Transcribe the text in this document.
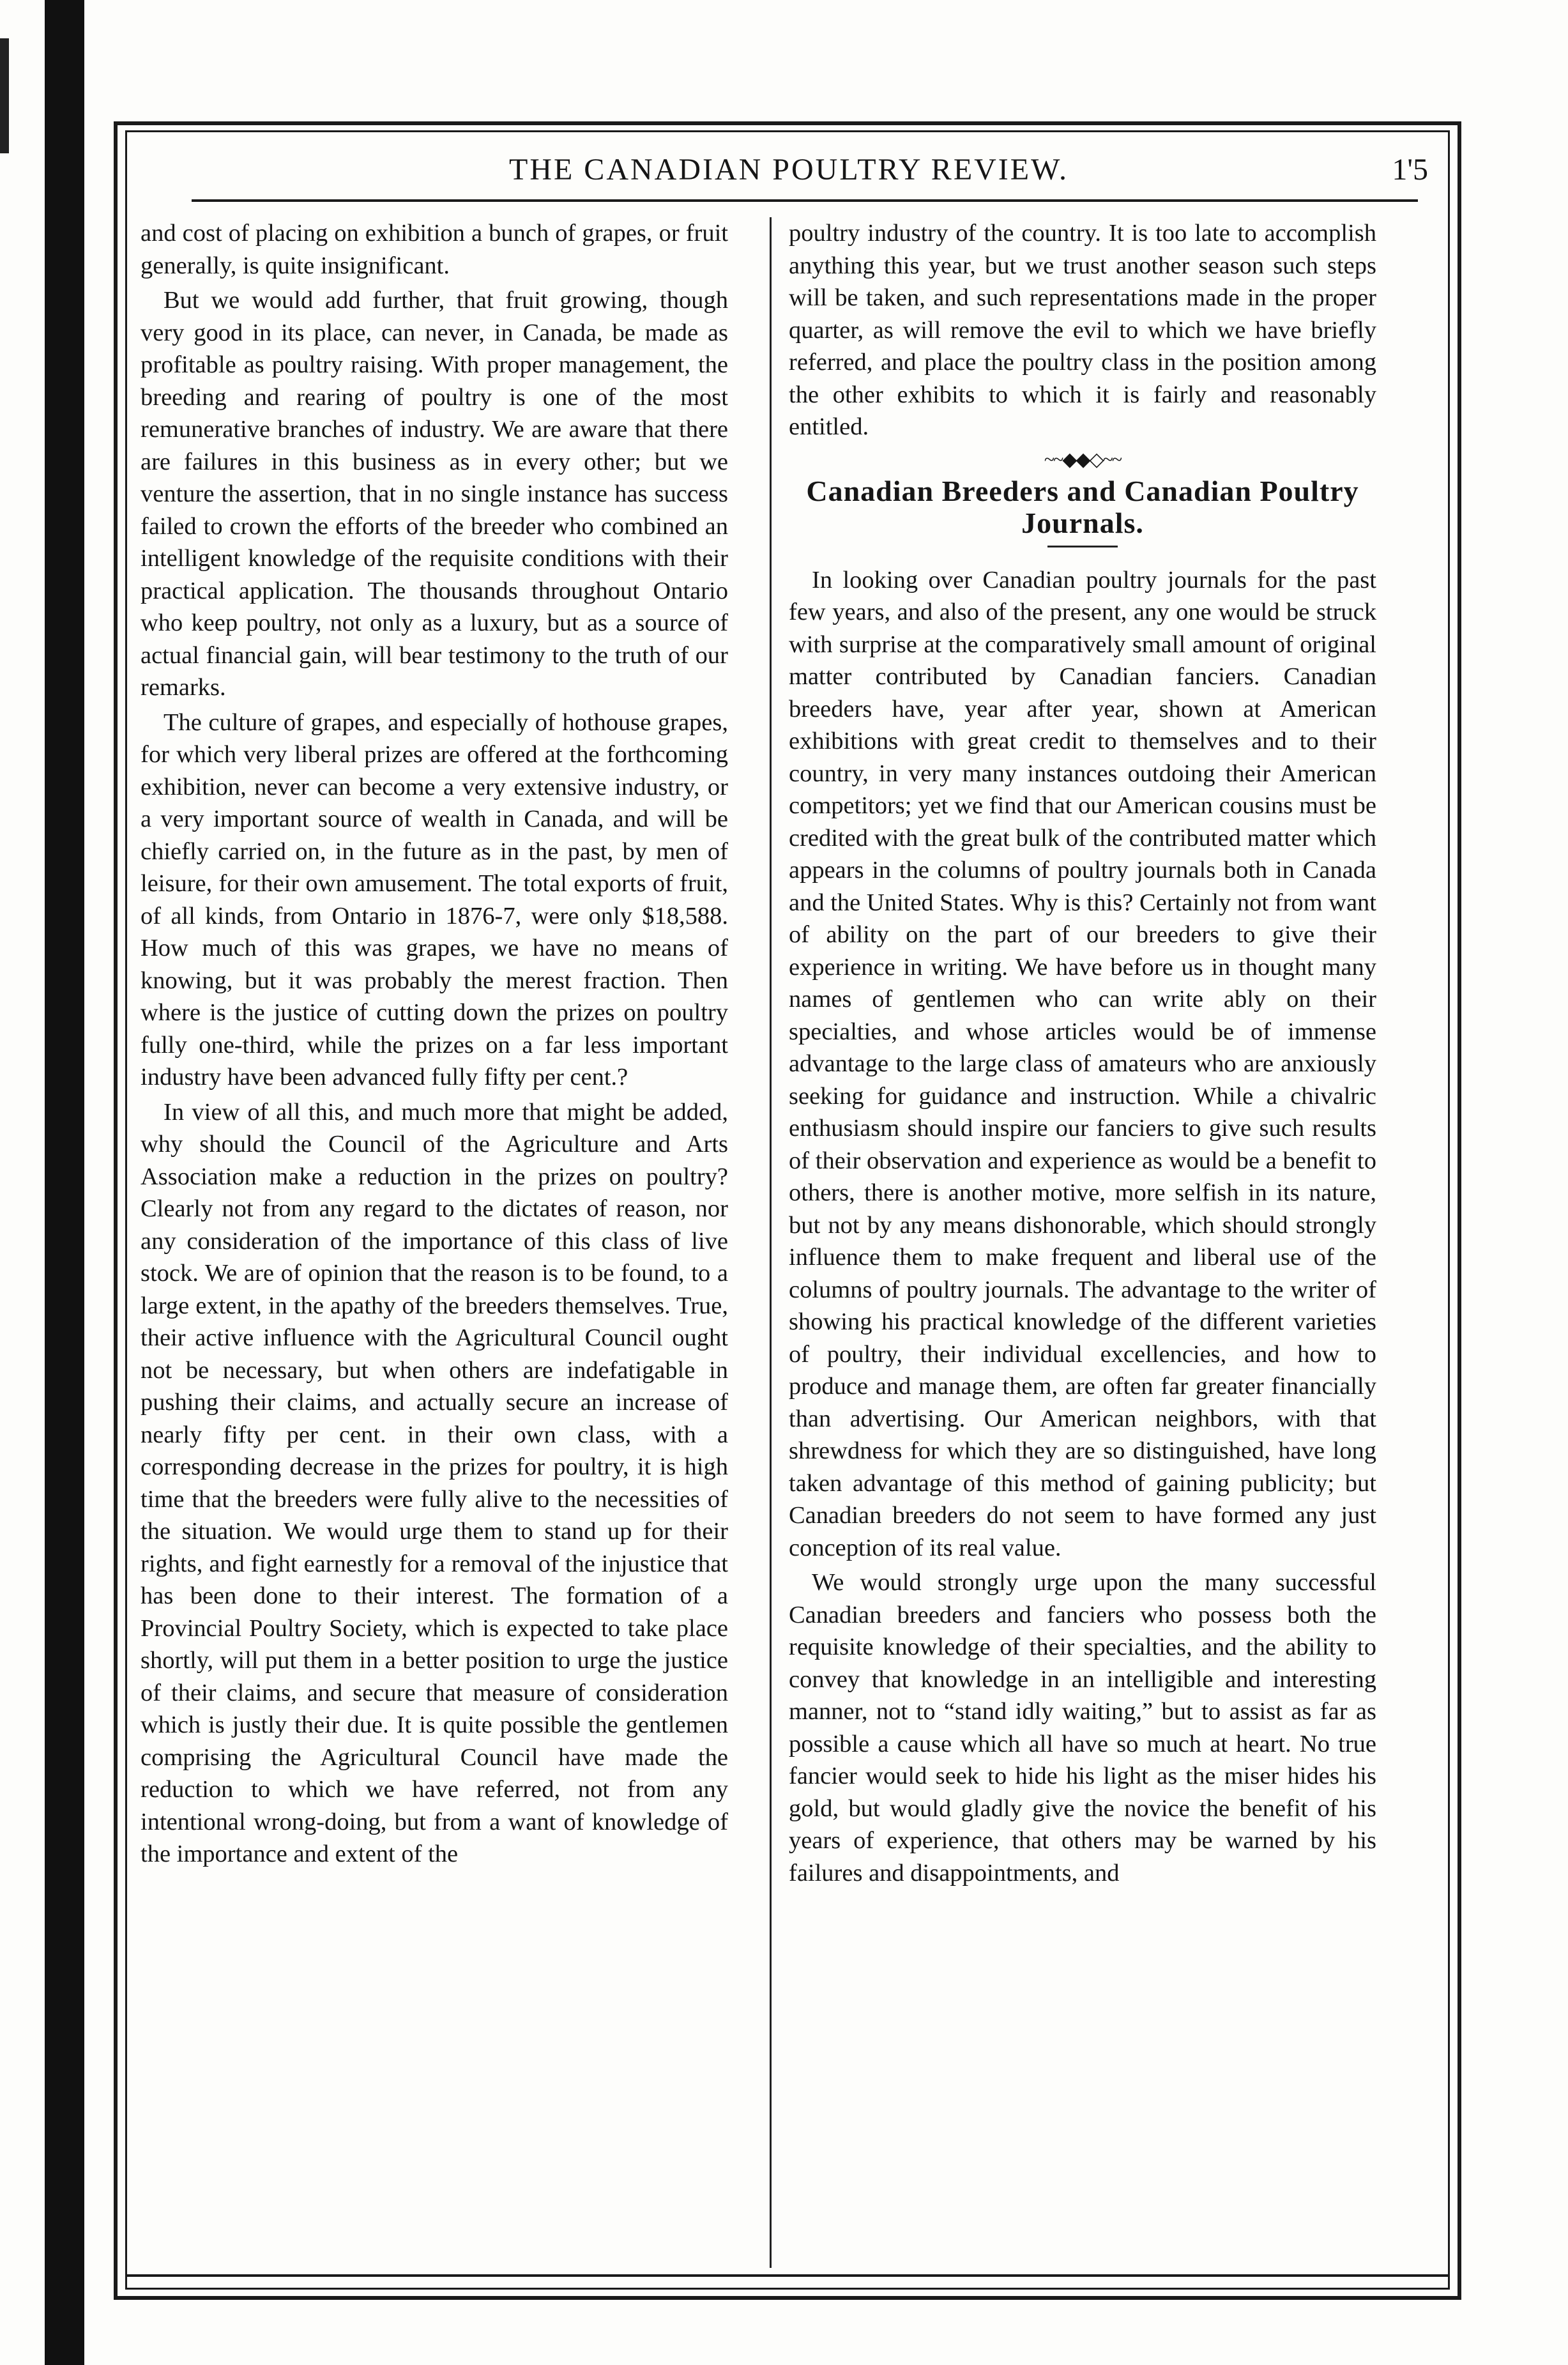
THE CANADIAN POULTRY REVIEW.	1'5

and cost of placing on exhibition a bunch of grapes, or fruit generally, is quite insignificant.

But we would add further, that fruit growing, though very good in its place, can never, in Canada, be made as profitable as poultry raising. With proper management, the breeding and rearing of poultry is one of the most remunerative branches of industry. We are aware that there are failures in this business as in every other; but we venture the assertion, that in no single instance has success failed to crown the efforts of the breeder who combined an intelligent knowledge of the requisite conditions with their practical application. The thousands throughout Ontario who keep poultry, not only as a luxury, but as a source of actual financial gain, will bear testimony to the truth of our remarks.

The culture of grapes, and especially of hothouse grapes, for which very liberal prizes are offered at the forthcoming exhibition, never can become a very extensive industry, or a very important source of wealth in Canada, and will be chiefly carried on, in the future as in the past, by men of leisure, for their own amusement. The total exports of fruit, of all kinds, from Ontario in 1876-7, were only $18,588. How much of this was grapes, we have no means of knowing, but it was probably the merest fraction. Then where is the justice of cutting down the prizes on poultry fully one-third, while the prizes on a far less important industry have been advanced fully fifty per cent.?

In view of all this, and much more that might be added, why should the Council of the Agriculture and Arts Association make a reduction in the prizes on poultry? Clearly not from any regard to the dictates of reason, nor any consideration of the importance of this class of live stock. We are of opinion that the reason is to be found, to a large extent, in the apathy of the breeders themselves. True, their active influence with the Agricultural Council ought not be necessary, but when others are indefatigable in pushing their claims, and actually secure an increase of nearly fifty per cent. in their own class, with a corresponding decrease in the prizes for poultry, it is high time that the breeders were fully alive to the necessities of the situation. We would urge them to stand up for their rights, and fight earnestly for a removal of the injustice that has been done to their interest. The formation of a Provincial Poultry Society, which is expected to take place shortly, will put them in a better position to urge the justice of their claims, and secure that measure of consideration which is justly their due. It is quite possible the gentlemen comprising the Agricultural Council have made the reduction to which we have referred, not from any intentional wrong-doing, but from a want of knowledge of the importance and extent of the

poultry industry of the country. It is too late to accomplish anything this year, but we trust another season such steps will be taken, and such representations made in the proper quarter, as will remove the evil to which we have briefly referred, and place the poultry class in the position among the other exhibits to which it is fairly and reasonably entitled.

~~◆◆◇~~
Canadian Breeders and Canadian Poultry
Journals.

In looking over Canadian poultry journals for the past few years, and also of the present, any one would be struck with surprise at the comparatively small amount of original matter contributed by Canadian fanciers. Canadian breeders have, year after year, shown at American exhibitions with great credit to themselves and to their country, in very many instances outdoing their American competitors; yet we find that our American cousins must be credited with the great bulk of the contributed matter which appears in the columns of poultry journals both in Canada and the United States. Why is this? Certainly not from want of ability on the part of our breeders to give their experience in writing. We have before us in thought many names of gentlemen who can write ably on their specialties, and whose articles would be of immense advantage to the large class of amateurs who are anxiously seeking for guidance and instruction. While a chivalric enthusiasm should inspire our fanciers to give such results of their observation and experience as would be a benefit to others, there is another motive, more selfish in its nature, but not by any means dishonorable, which should strongly influence them to make frequent and liberal use of the columns of poultry journals. The advantage to the writer of showing his practical knowledge of the different varieties of poultry, their individual excellencies, and how to produce and manage them, are often far greater financially than advertising. Our American neighbors, with that shrewdness for which they are so distinguished, have long taken advantage of this method of gaining publicity; but Canadian breeders do not seem to have formed any just conception of its real value.

We would strongly urge upon the many successful Canadian breeders and fanciers who possess both the requisite knowledge of their specialties, and the ability to convey that knowledge in an intelligible and interesting manner, not to “stand idly waiting,” but to assist as far as possible a cause which all have so much at heart. No true fancier would seek to hide his light as the miser hides his gold, but would gladly give the novice the benefit of his years of experience, that others may be warned by his failures and disappointments, and
